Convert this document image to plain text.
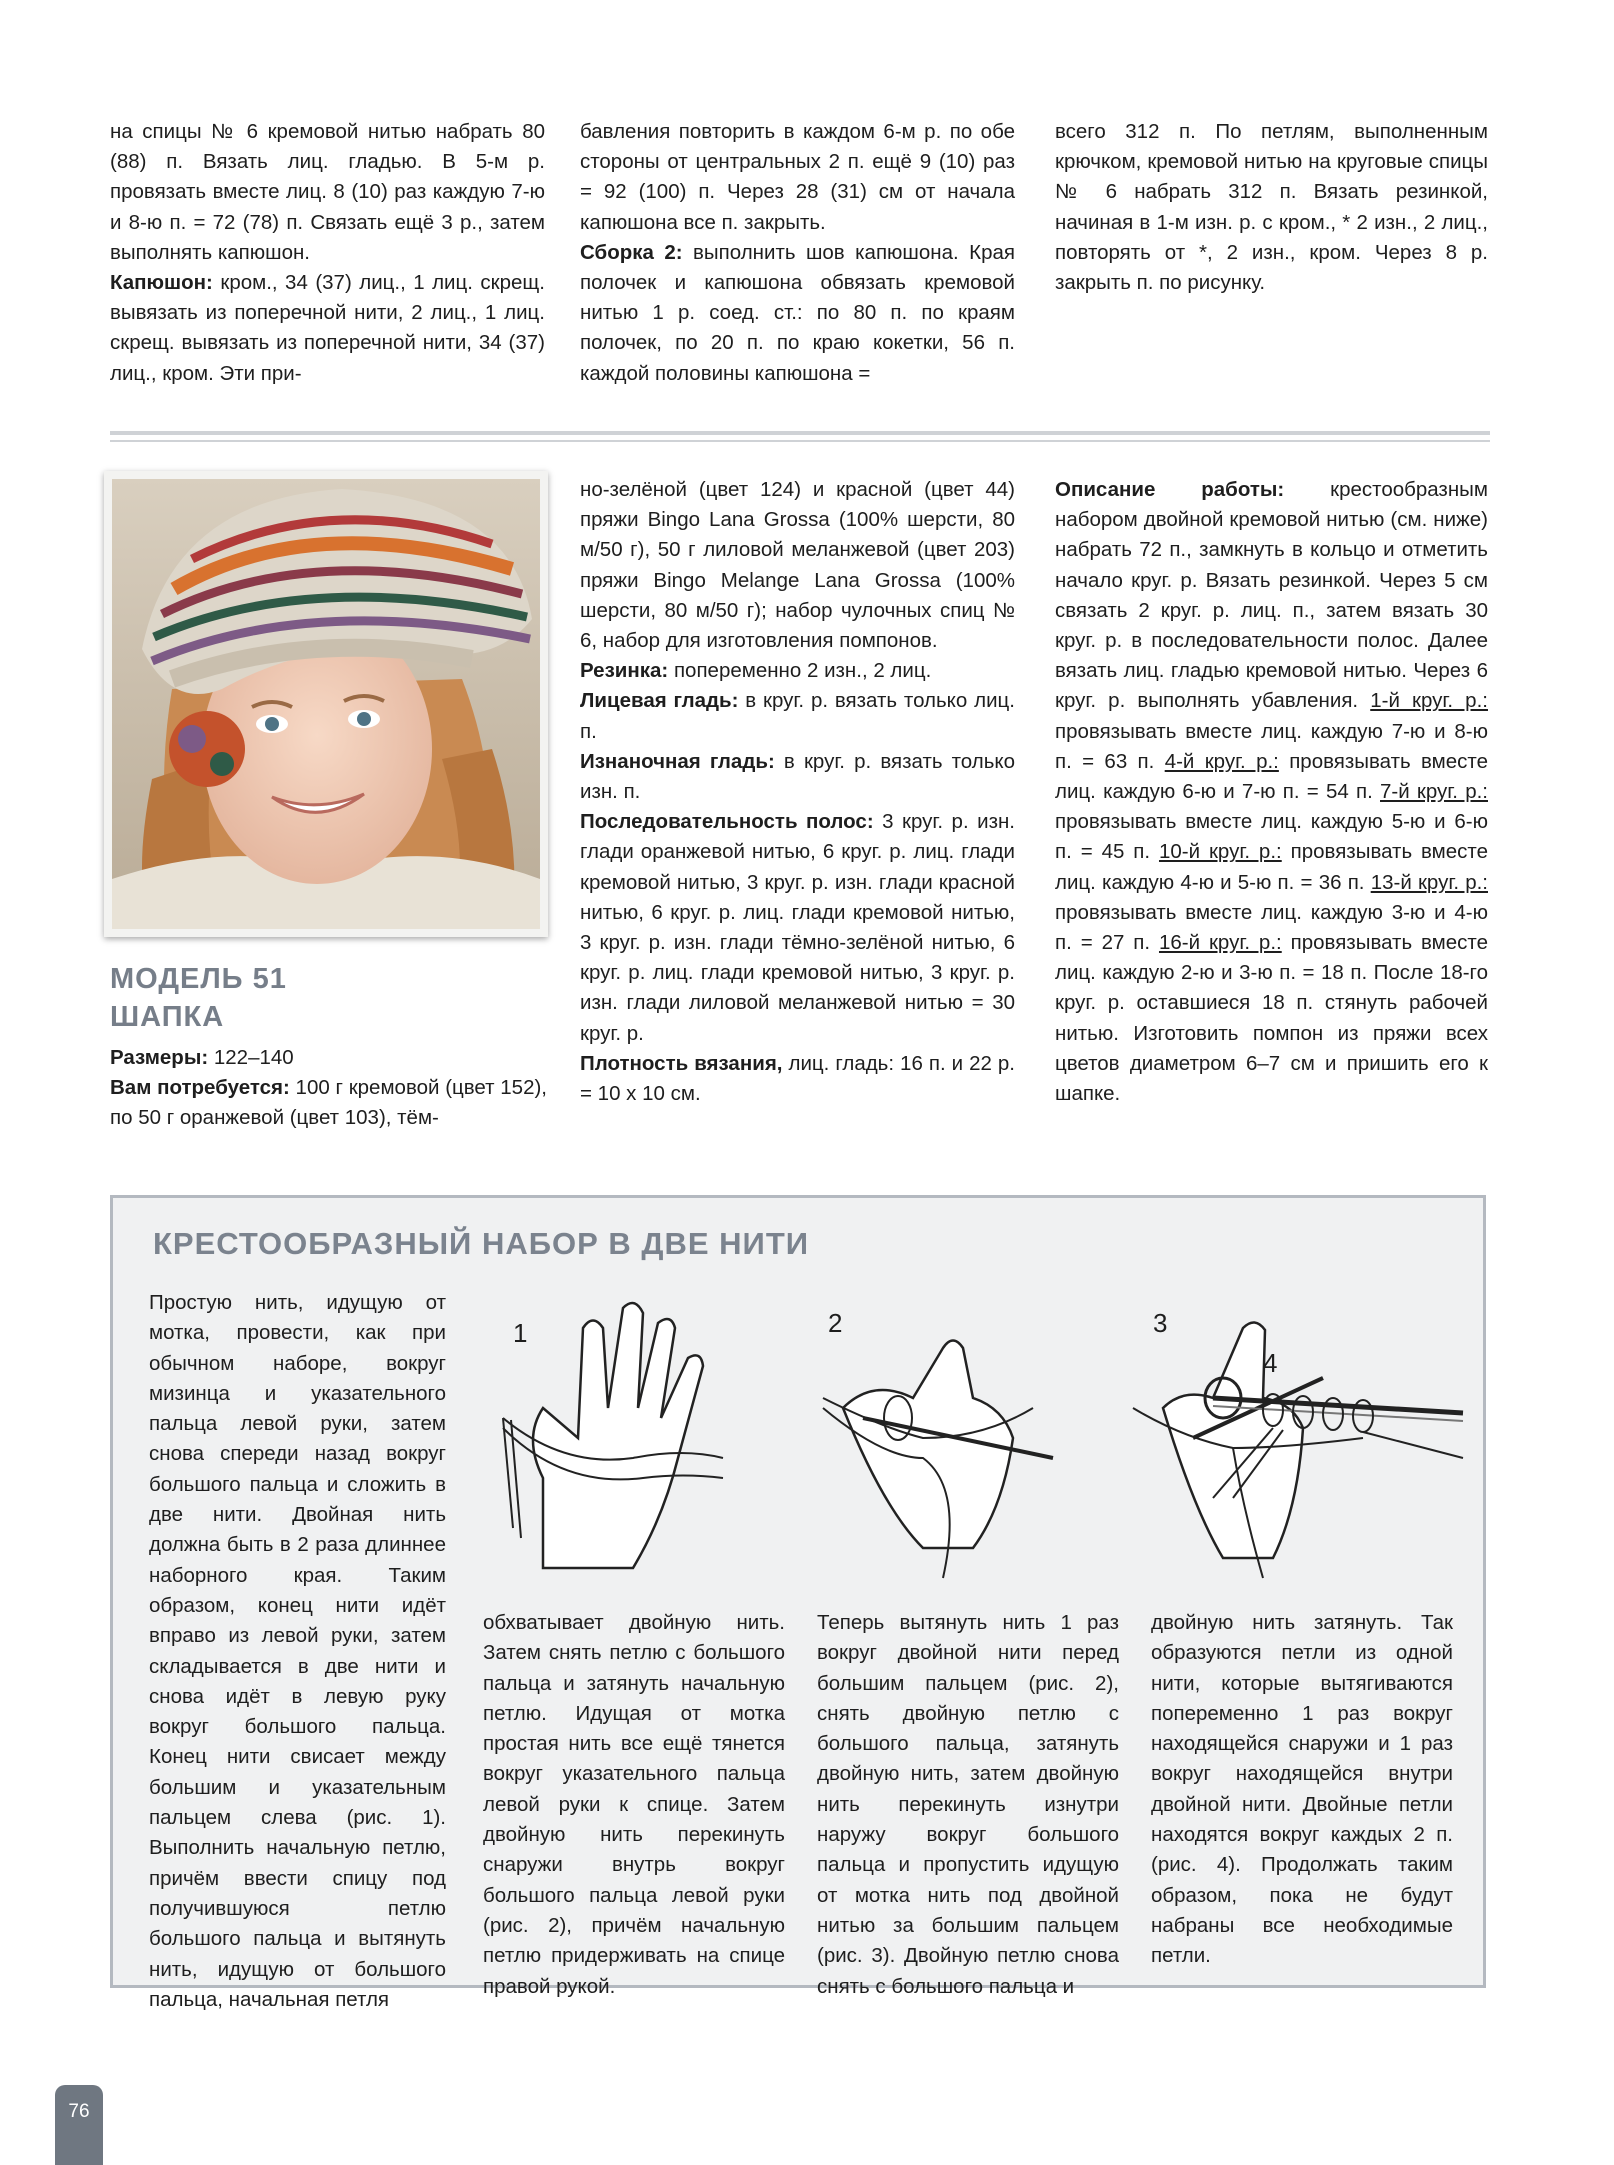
на спицы № 6 кремовой нитью набрать 80 (88) п. Вязать лиц. гладью. В 5-м р. провязать вместе лиц. 8 (10) раз каждую 7-ю и 8-ю п. = 72 (78) п. Связать ещё 3 р., затем выполнять капюшон.

Капюшон: кром., 34 (37) лиц., 1 лиц. скрещ. вывязать из поперечной нити, 2 лиц., 1 лиц. скрещ. вывязать из поперечной нити, 34 (37) лиц., кром. Эти при-

бавления повторить в каждом 6-м р. по обе стороны от центральных 2 п. ещё 9 (10) раз = 92 (100) п. Через 28 (31) см от начала капюшона все п. закрыть.

Сборка 2: выполнить шов капюшона. Края полочек и капюшона обвязать кремовой нитью 1 р. соед. ст.: по 80 п. по краям полочек, по 20 п. по краю кокетки, 56 п. каждой половины капюшона =

всего 312 п. По петлям, выполненным крючком, кремовой нитью на круговые спицы № 6 набрать 312 п. Вязать резинкой, начиная в 1-м изн. р. с кром., * 2 изн., 2 лиц., повторять от *, 2 изн., кром. Через 8 р. закрыть п. по рисунку.

МОДЕЛЬ 51
ШАПКА

Размеры: 122–140

Вам потребуется: 100 г кремовой (цвет 152), по 50 г оранжевой (цвет 103), тём-

но-зелёной (цвет 124) и красной (цвет 44) пряжи Bingo Lana Grossa (100% шерсти, 80 м/50 г), 50 г лиловой меланжевой (цвет 203) пряжи Bingo Melange Lana Grossa (100% шерсти, 80 м/50 г); набор чулочных спиц № 6, набор для изготовления помпонов.

Резинка: попеременно 2 изн., 2 лиц.

Лицевая гладь: в круг. р. вязать только лиц. п.

Изнаночная гладь: в круг. р. вязать только изн. п.

Последовательность полос: 3 круг. р. изн. глади оранжевой нитью, 6 круг. р. лиц. глади кремовой нитью, 3 круг. р. изн. глади красной нитью, 6 круг. р. лиц. глади кремовой нитью, 3 круг. р. изн. глади тёмно-зелёной нитью, 6 круг. р. лиц. глади кремовой нитью, 3 круг. р. изн. глади лиловой меланжевой нитью = 30 круг. р.

Плотность вязания, лиц. гладь: 16 п. и 22 р. = 10 х 10 см.

Описание работы: крестообразным набором двойной кремовой нитью (см. ниже) набрать 72 п., замкнуть в кольцо и отметить начало круг. р. Вязать резинкой. Через 5 см связать 2 круг. р. лиц. п., затем вязать 30 круг. р. в последовательности полос. Далее вязать лиц. гладью кремовой нитью. Через 6 круг. р. выполнять убавления. 1-й круг. р.: провязывать вместе лиц. каждую 7-ю и 8-ю п. = 63 п. 4-й круг. р.: провязывать вместе лиц. каждую 6-ю и 7-ю п. = 54 п. 7-й круг. р.: провязывать вместе лиц. каждую 5-ю и 6-ю п. = 45 п. 10-й круг. р.: провязывать вместе лиц. каждую 4-ю и 5-ю п. = 36 п. 13-й круг. р.: провязывать вместе лиц. каждую 3-ю и 4-ю п. = 27 п. 16-й круг. р.: провязывать вместе лиц. каждую 2-ю и 3-ю п. = 18 п. После 18-го круг. р. оставшиеся 18 п. стянуть рабочей нитью. Изготовить помпон из пряжи всех цветов диаметром 6–7 см и пришить его к шапке.

КРЕСТООБРАЗНЫЙ НАБОР В ДВЕ НИТИ

Простую нить, идущую от мотка, провести, как при обычном наборе, вокруг мизинца и указательного пальца левой руки, затем снова спереди назад вокруг большого пальца и сложить в две нити. Двойная нить должна быть в 2 раза длиннее наборного края. Таким образом, конец нити идёт вправо из левой руки, затем складывается в две нити и снова идёт в левую руку вокруг большого пальца. Конец нити свисает между большим и указательным пальцем слева (рис. 1). Выполнить начальную петлю, причём ввести спицу под получившуюся петлю большого пальца и вытянуть нить, идущую от большого пальца, начальная петля

1	2	3
4

обхватывает двойную нить. Затем снять петлю с большого пальца и затянуть начальную петлю. Идущая от мотка простая нить все ещё тянется вокруг указательного пальца левой руки к спице. Затем двойную нить перекинуть снаружи внутрь вокруг большого пальца левой руки (рис. 2), причём начальную петлю придерживать на спице правой рукой.

Теперь вытянуть нить 1 раз вокруг двойной нити перед большим пальцем (рис. 2), снять двойную петлю с большого пальца, затянуть двойную нить, затем двойную нить перекинуть изнутри наружу вокруг большого пальца и пропустить идущую от мотка нить под двойной нитью за большим пальцем (рис. 3). Двойную петлю снова снять с большого пальца и

двойную нить затянуть. Так образуются петли из одной нити, которые вытягиваются попеременно 1 раз вокруг находящейся снаружи и 1 раз вокруг находящейся внутри двойной нити. Двойные петли находятся вокруг каждых 2 п. (рис. 4). Продолжать таким образом, пока не будут набраны все необходимые петли.

76
